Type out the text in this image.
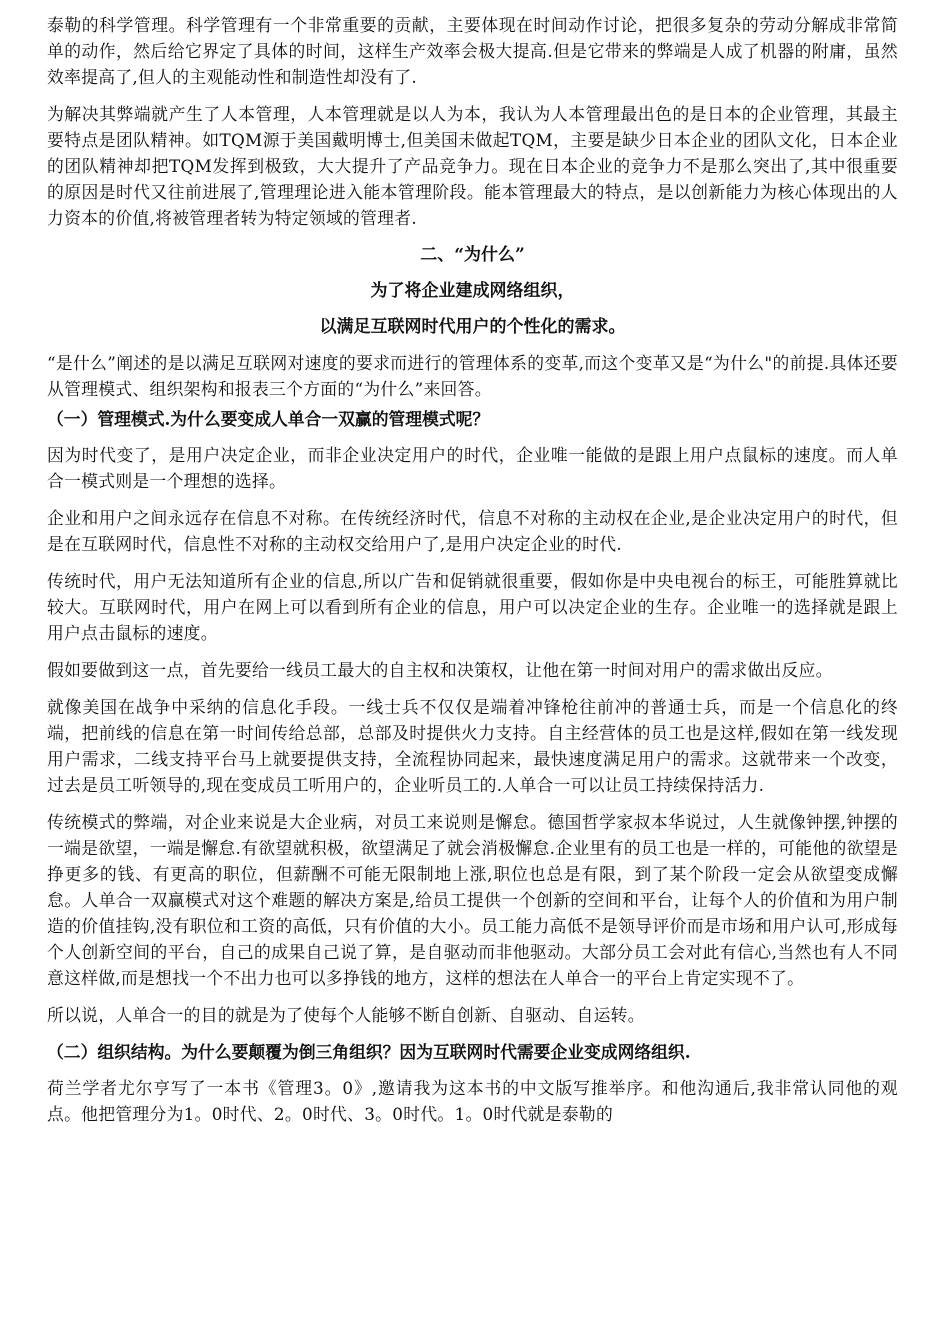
泰勒的科学管理。科学管理有一个非常重要的贡献，主要体现在时间动作讨论，把很多复杂的劳动分解成非常简单的动作，然后给它界定了具体的时间，这样生产效率会极大提高.但是它带来的弊端是人成了机器的附庸，虽然效率提高了,但人的主观能动性和制造性却没有了.

为解决其弊端就产生了人本管理，人本管理就是以人为本，我认为人本管理最出色的是日本的企业管理，其最主要特点是团队精神。如TQM源于美国戴明博士,但美国未做起TQM，主要是缺少日本企业的团队文化，日本企业的团队精神却把TQM发挥到极致，大大提升了产品竞争力。现在日本企业的竞争力不是那么突出了,其中很重要的原因是时代又往前进展了,管理理论进入能本管理阶段。能本管理最大的特点，是以创新能力为核心体现出的人力资本的价值,将被管理者转为特定领域的管理者.

二、“为什么”
为了将企业建成网络组织，
以满足互联网时代用户的个性化的需求。

“是什么”阐述的是以满足互联网对速度的要求而进行的管理体系的变革,而这个变革又是“为什么"的前提.具体还要从管理模式、组织架构和报表三个方面的“为什么”来回答。

（一）管理模式.为什么要变成人单合一双赢的管理模式呢？

因为时代变了，是用户决定企业，而非企业决定用户的时代，企业唯一能做的是跟上用户点鼠标的速度。而人单合一模式则是一个理想的选择。

企业和用户之间永远存在信息不对称。在传统经济时代，信息不对称的主动权在企业,是企业决定用户的时代，但是在互联网时代，信息性不对称的主动权交给用户了,是用户决定企业的时代.

传统时代，用户无法知道所有企业的信息,所以广告和促销就很重要，假如你是中央电视台的标王，可能胜算就比较大。互联网时代，用户在网上可以看到所有企业的信息，用户可以决定企业的生存。企业唯一的选择就是跟上用户点击鼠标的速度。

假如要做到这一点，首先要给一线员工最大的自主权和决策权，让他在第一时间对用户的需求做出反应。

就像美国在战争中采纳的信息化手段。一线士兵不仅仅是端着冲锋枪往前冲的普通士兵，而是一个信息化的终端，把前线的信息在第一时间传给总部，总部及时提供火力支持。自主经营体的员工也是这样,假如在第一线发现用户需求，二线支持平台马上就要提供支持，全流程协同起来，最快速度满足用户的需求。这就带来一个改变，过去是员工听领导的,现在变成员工听用户的，企业听员工的.人单合一可以让员工持续保持活力.

传统模式的弊端，对企业来说是大企业病，对员工来说则是懈怠。德国哲学家叔本华说过，人生就像钟摆,钟摆的一端是欲望，一端是懈怠.有欲望就积极，欲望满足了就会消极懈怠.企业里有的员工也是一样的，可能他的欲望是挣更多的钱、有更高的职位，但薪酬不可能无限制地上涨,职位也总是有限，到了某个阶段一定会从欲望变成懈怠。人单合一双赢模式对这个难题的解决方案是,给员工提供一个创新的空间和平台，让每个人的价值和为用户制造的价值挂钩,没有职位和工资的高低，只有价值的大小。员工能力高低不是领导评价而是市场和用户认可,形成每个人创新空间的平台，自己的成果自己说了算，是自驱动而非他驱动。大部分员工会对此有信心,当然也有人不同意这样做,而是想找一个不出力也可以多挣钱的地方，这样的想法在人单合一的平台上肯定实现不了。

所以说，人单合一的目的就是为了使每个人能够不断自创新、自驱动、自运转。

（二）组织结构。为什么要颠覆为倒三角组织？因为互联网时代需要企业变成网络组织.

荷兰学者尤尔亨写了一本书《管理3。0》,邀请我为这本书的中文版写推举序。和他沟通后,我非常认同他的观点。他把管理分为1。0时代、2。0时代、3。0时代。1。0时代就是泰勒的
